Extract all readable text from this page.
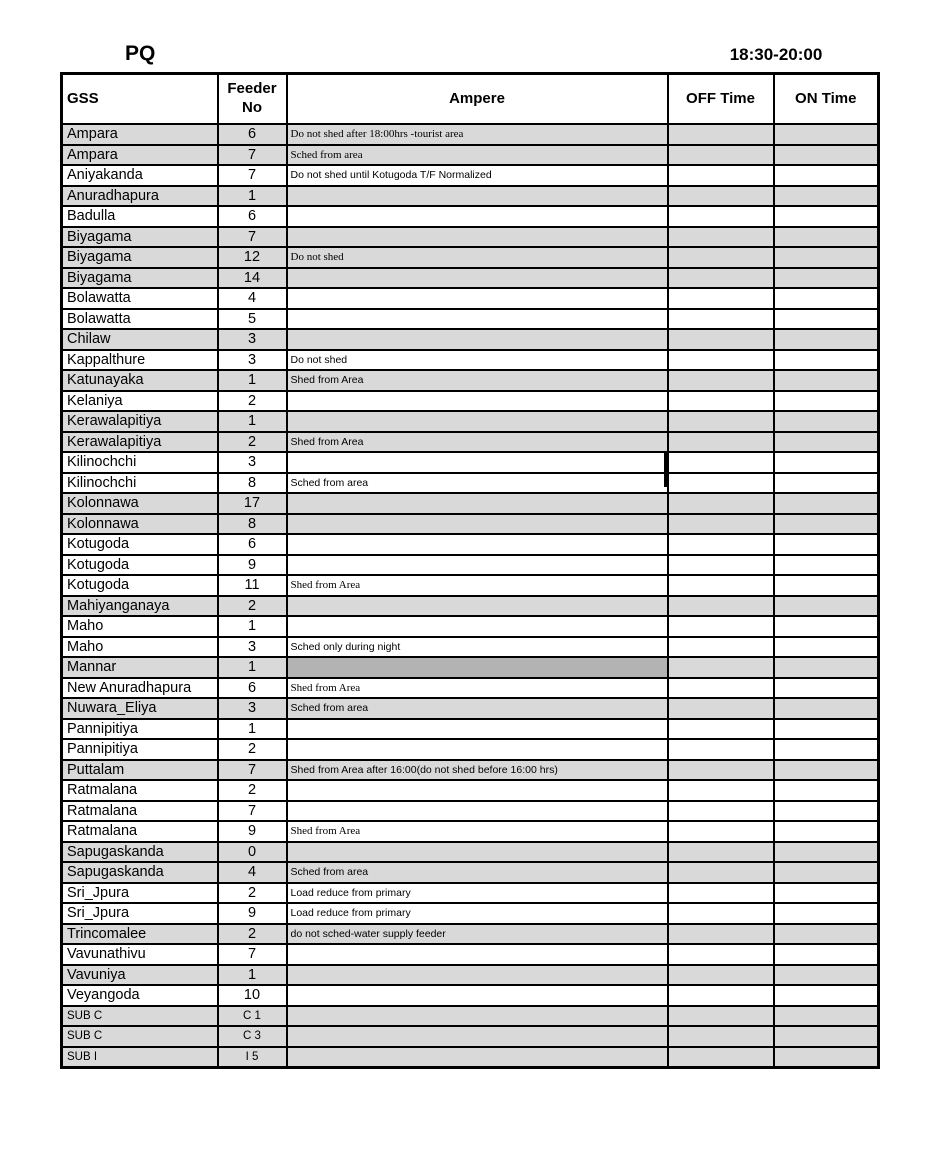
PQ	18:30-20:00
GSS	Feeder No	Ampere	OFF Time	ON Time
Ampara	6	Do not shed after 18:00hrs -tourist area		
Ampara	7	Sched from area		
Aniyakanda	7	Do not shed until Kotugoda T/F Normalized		
Anuradhapura	1			
Badulla	6			
Biyagama	7			
Biyagama	12	Do not shed		
Biyagama	14			
Bolawatta	4			
Bolawatta	5			
Chilaw	3			
Kappalthure	3	Do not shed		
Katunayaka	1	Shed from Area		
Kelaniya	2			
Kerawalapitiya	1			
Kerawalapitiya	2	Shed from Area		
Kilinochchi	3			
Kilinochchi	8	Sched from area		
Kolonnawa	17			
Kolonnawa	8			
Kotugoda	6			
Kotugoda	9			
Kotugoda	11	Shed from Area		
Mahiyanganaya	2			
Maho	1			
Maho	3	Sched only during night		
Mannar	1			
New Anuradhapura	6	Shed from Area		
Nuwara_Eliya	3	Sched from area		
Pannipitiya	1			
Pannipitiya	2			
Puttalam	7	Shed from Area after 16:00(do not shed before 16:00 hrs)		
Ratmalana	2			
Ratmalana	7			
Ratmalana	9	Shed from Area		
Sapugaskanda	0			
Sapugaskanda	4	Sched from area		
Sri_Jpura	2	Load reduce from primary		
Sri_Jpura	9	Load reduce from primary		
Trincomalee	2	do not sched-water supply feeder		
Vavunathivu	7			
Vavuniya	1			
Veyangoda	10			
SUB C	C 1			
SUB C	C 3			
SUB I	I 5			
